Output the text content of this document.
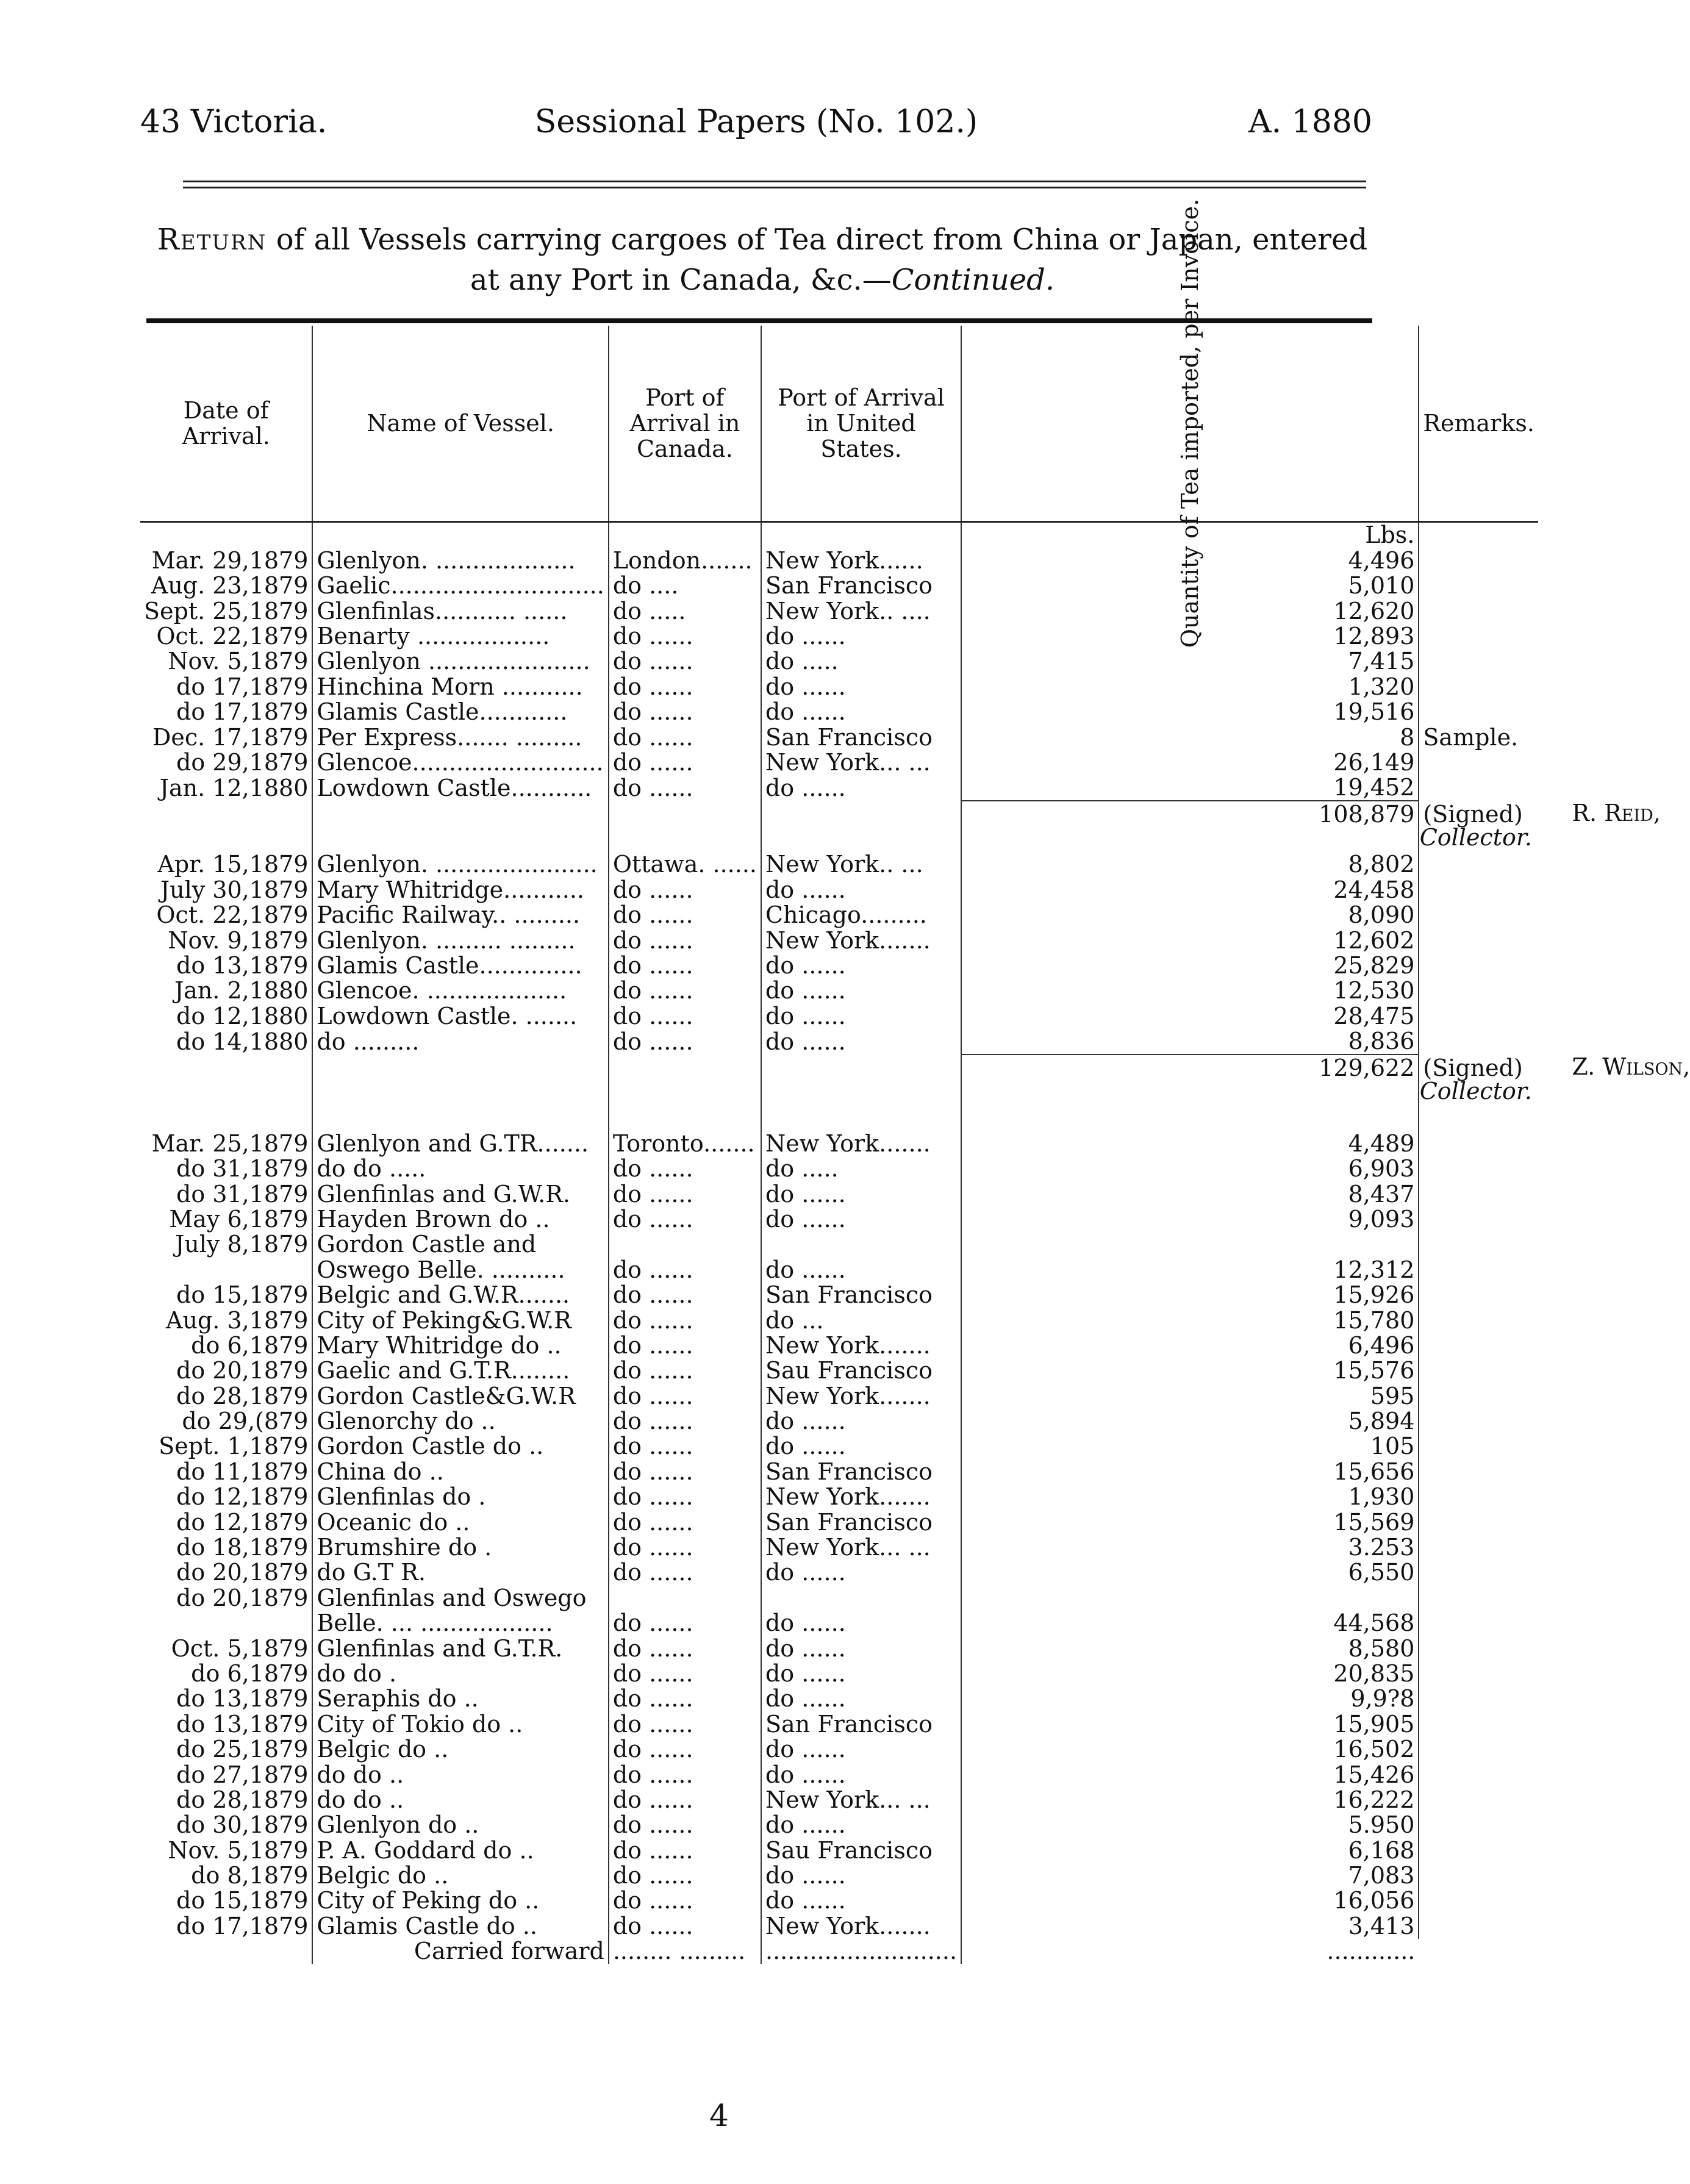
43 Victoria.	Sessional Papers (No. 102.)	A. 1880
Return of all Vessels carrying cargoes of Tea direct from China or Japan, entered
at any Port in Canada, &c.—Continued.
Date of Arrival.	Name of Vessel.	Port of Arrival in Canada.	Port of Arrival in United States.	Quantity of Tea imported, per Invoice.	Remarks.
				Lbs.	
Mar. 29,1879	Glenlyon. ...................	London.......	New York......	4,496	
Aug. 23,1879	Gaelic.............................	do ....	San Francisco	5,010	
Sept. 25,1879	Glenfinlas........... ......	do .....	New York.. ....	12,620	
Oct. 22,1879	Benarty ..................	do ......	do ......	12,893	
Nov. 5,1879	Glenlyon ......................	do ......	do .....	7,415	
do 17,1879	Hinchina Morn ...........	do ......	do ......	1,320	
do 17,1879	Glamis Castle............	do ......	do ......	19,516	
Dec. 17,1879	Per Express....... .........	do ......	San Francisco	8	Sample.
do 29,1879	Glencoe..........................	do ......	New York... ...	26,149	
Jan. 12,1880	Lowdown Castle...........	do ......	do ......	19,452	
				108,879	(Signed) R. Reid,
Collector.

Apr. 15,1879	Glenlyon. ......................	Ottawa. ......	New York.. ...	8,802	
July 30,1879	Mary Whitridge...........	do ......	do ......	24,458	
Oct. 22,1879	Pacific Railway.. .........	do ......	Chicago.........	8,090	
Nov. 9,1879	Glenlyon. ......... .........	do ......	New York.......	12,602	
do 13,1879	Glamis Castle..............	do ......	do ......	25,829	
Jan. 2,1880	Glencoe. ...................	do ......	do ......	12,530	
do 12,1880	Lowdown Castle. .......	do ......	do ......	28,475	
do 14,1880	do .........	do ......	do ......	8,836	
				129,622	(Signed) Z. Wilson,
Collector.

Mar. 25,1879	Glenlyon and G.TR.......	Toronto.......	New York.......	4,489	
do 31,1879	do do .....	do ......	do .....	6,903	
do 31,1879	Glenfinlas and G.W.R.	do ......	do ......	8,437	
May 6,1879	Hayden Brown do ..	do ......	do ......	9,093	
July 8,1879	Gordon Castle and				
	Oswego Belle. ..........	do ......	do ......	12,312	
do 15,1879	Belgic and G.W.R.......	do ......	San Francisco	15,926	
Aug. 3,1879	City of Peking&G.W.R	do ......	do ...	15,780	
do 6,1879	Mary Whitridge do ..	do ......	New York.......	6,496	
do 20,1879	Gaelic and G.T.R........	do ......	Sau Francisco	15,576	
do 28,1879	Gordon Castle&G.W.R	do ......	New York.......	595	
do 29,(879	Glenorchy do ..	do ......	do ......	5,894	
Sept. 1,1879	Gordon Castle do ..	do ......	do ......	105	
do 11,1879	China do ..	do ......	San Francisco	15,656	
do 12,1879	Glenfinlas do .	do ......	New York.......	1,930	
do 12,1879	Oceanic do ..	do ......	San Francisco	15,569	
do 18,1879	Brumshire do .	do ......	New York... ...	3.253	
do 20,1879	do G.T R.	do ......	do ......	6,550	
do 20,1879	Glenfinlas and Oswego				
	Belle. ... ..................	do ......	do ......	44,568	
Oct. 5,1879	Glenfinlas and G.T.R.	do ......	do ......	8,580	
do 6,1879	do do .	do ......	do ......	20,835	
do 13,1879	Seraphis do ..	do ......	do ......	9,9?8	
do 13,1879	City of Tokio do ..	do ......	San Francisco	15,905	
do 25,1879	Belgic do ..	do ......	do ......	16,502	
do 27,1879	do do ..	do ......	do ......	15,426	
do 28,1879	do do ..	do ......	New York... ...	16,222	
do 30,1879	Glenlyon do ..	do ......	do ......	5.950	
Nov. 5,1879	P. A. Goddard do ..	do ......	Sau Francisco	6,168	
do 8,1879	Belgic do ..	do ......	do ......	7,083	
do 15,1879	City of Peking do ..	do ......	do ......	16,056	
do 17,1879	Glamis Castle do ..	do ......	New York.......	3,413	
	Carried forward	........ .........	..........................	............	
4
